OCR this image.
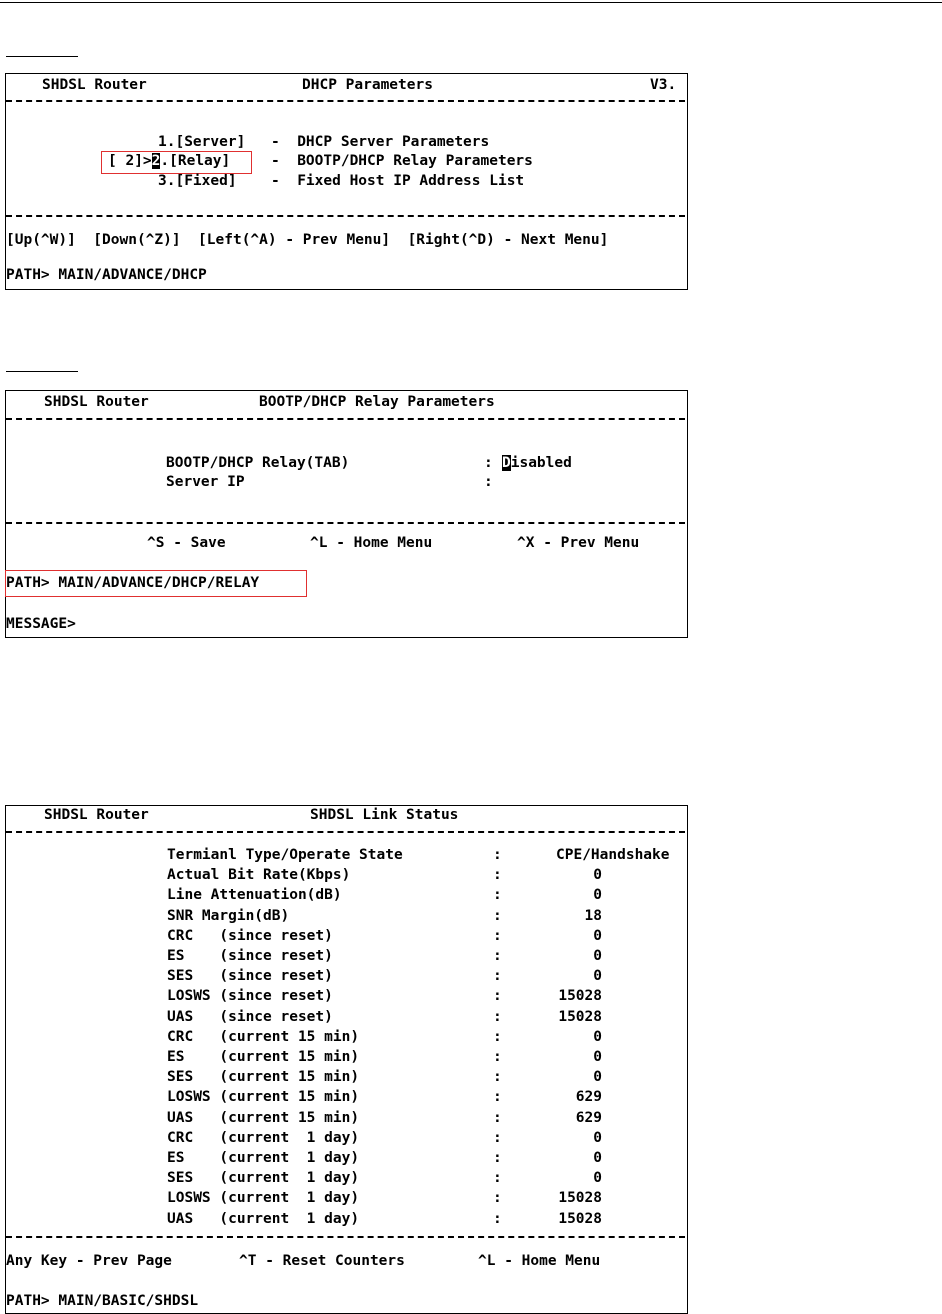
SHDSL Router	DHCP Parameters	V3.
1.[Server] -  DHCP Server Parameters
[ 2]>2.[Relay]	-  BOOTP/DHCP Relay Parameters
3.[Fixed] -  Fixed Host IP Address List
[Up(^W)]  [Down(^Z)]  [Left(^A) - Prev Menu]  [Right(^D) - Next Menu]
PATH> MAIN/ADVANCE/DHCP
SHDSL Router	BOOTP/DHCP Relay Parameters
BOOTP/DHCP Relay(TAB)	: Disabled
Server IP	:
^S - Save	^L - Home Menu	^X - Prev Menu
PATH> MAIN/ADVANCE/DHCP/RELAY
MESSAGE>
SHDSL Router	SHDSL Link Status
Termianl Type/Operate State	:	CPE/Handshake
Actual Bit Rate(Kbps)	:	0
Line Attenuation(dB)	:	0
SNR Margin(dB)	:	18
CRC   (since reset)	:	0
ES    (since reset)	:	0
SES   (since reset)	:	0
LOSWS (since reset)	:	15028
UAS   (since reset)	:	15028
CRC   (current 15 min)	:	0
ES    (current 15 min)	:	0
SES   (current 15 min)	:	0
LOSWS (current 15 min)	:	629
UAS   (current 15 min)	:	629
CRC   (current  1 day)	:	0
ES    (current  1 day)	:	0
SES   (current  1 day)	:	0
LOSWS (current  1 day)	:	15028
UAS   (current  1 day)	:	15028
Any Key - Prev Page	^T - Reset Counters	^L - Home Menu
PATH> MAIN/BASIC/SHDSL
